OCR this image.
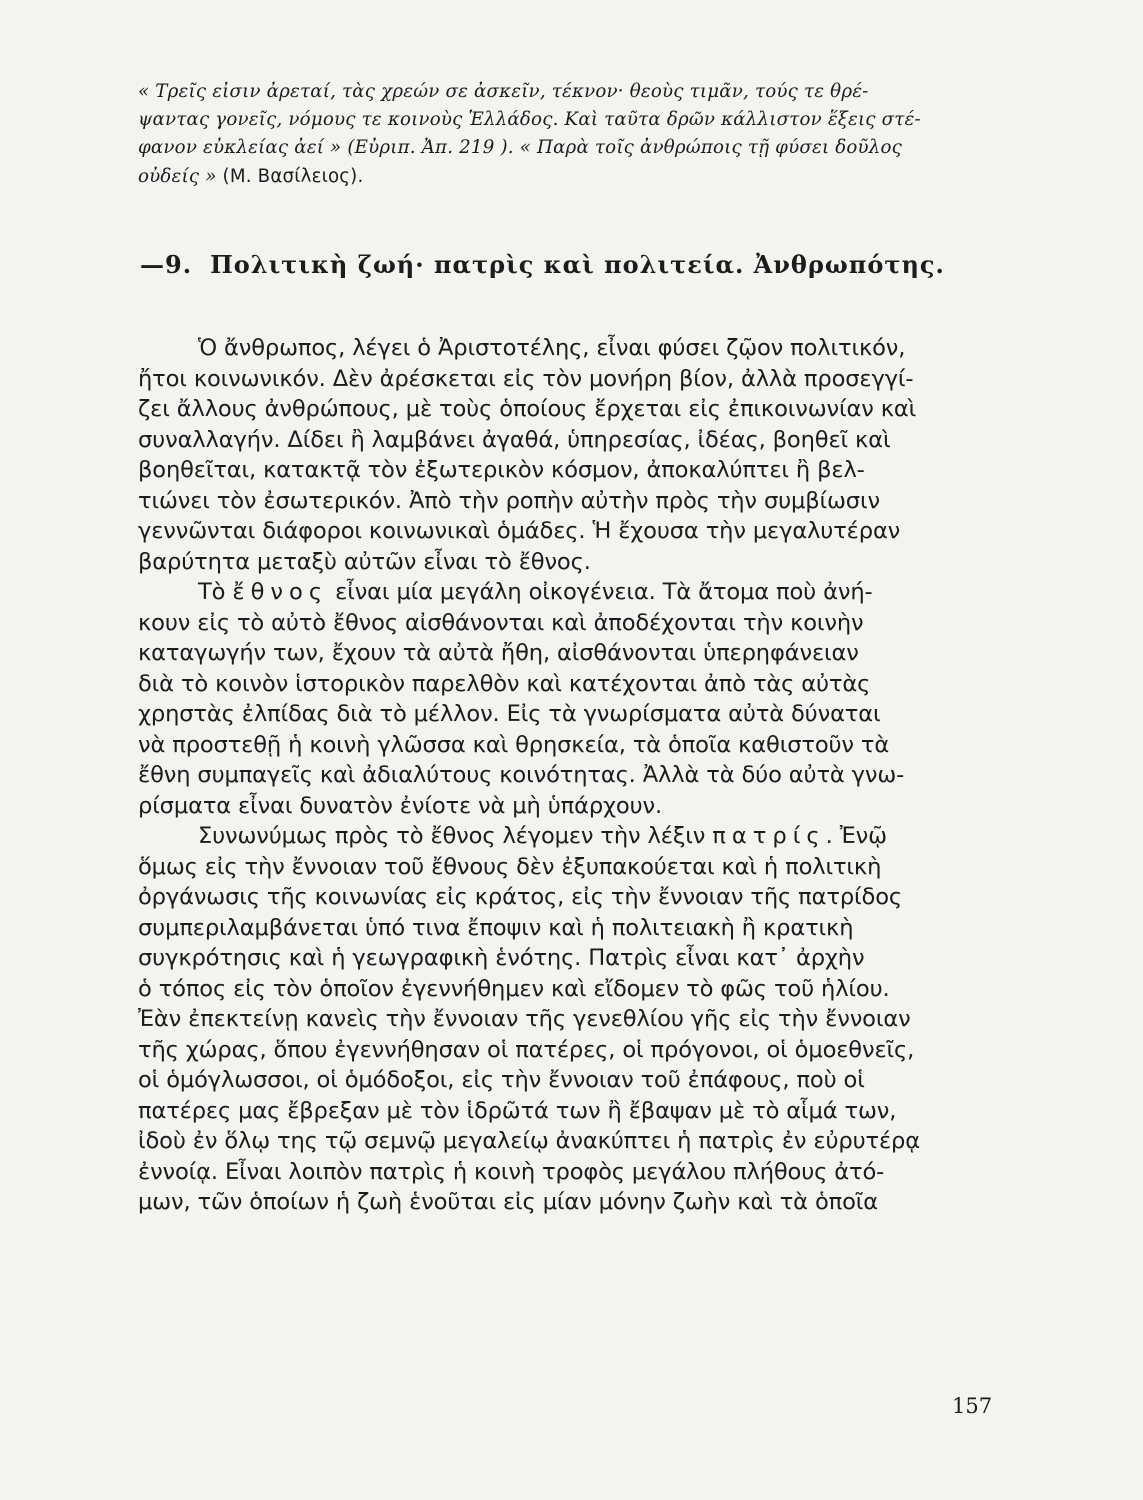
« Τρεῖς εἰσιν ἀρεταί, τὰς χρεών σε ἀσκεῖν, τέκνον· θεοὺς τιμᾶν, τούς τε θρέ-
ψαντας γονεῖς, νόμους τε κοινοὺς Ἑλλάδος. Καὶ ταῦτα δρῶν κάλλιστον ἕξεις στέ-
φανον εὐκλείας ἀεί » (Εὐριπ. Ἀπ. 219 ). « Παρὰ τοῖς ἀνθρώποις τῇ φύσει δοῦλος
οὐδείς » (Μ. Βασίλειος).
—9. Πολιτικὴ ζωή· πατρὶς καὶ πολιτεία. Ἀνθρωπότης.
Ὁ ἄνθρωπος, λέγει ὁ Ἀριστοτέλης, εἶναι φύσει ζῷον πολιτικόν,
ἤτοι κοινωνικόν. Δὲν ἀρέσκεται εἰς τὸν μονήρη βίον, ἀλλὰ προσεγγί-
ζει ἄλλους ἀνθρώπους, μὲ τοὺς ὁποίους ἔρχεται εἰς ἐπικοινωνίαν καὶ
συναλλαγήν. Δίδει ἢ λαμβάνει ἀγαθά, ὑπηρεσίας, ἰδέας, βοηθεῖ καὶ
βοηθεῖται, κατακτᾷ τὸν ἐξωτερικὸν κόσμον, ἀποκαλύπτει ἢ βελ-
τιώνει τὸν ἐσωτερικόν. Ἀπὸ τὴν ροπὴν αὐτὴν πρὸς τὴν συμβίωσιν
γεννῶνται διάφοροι κοινωνικαὶ ὁμάδες. Ἡ ἔχουσα τὴν μεγαλυτέραν
βαρύτητα μεταξὺ αὐτῶν εἶναι τὸ ἔθνος.
Τὸ ἔθνος εἶναι μία μεγάλη οἰκογένεια. Τὰ ἄτομα ποὺ ἀνή-
κουν εἰς τὸ αὐτὸ ἔθνος αἰσθάνονται καὶ ἀποδέχονται τὴν κοινὴν
καταγωγήν των, ἔχουν τὰ αὐτὰ ἤθη, αἰσθάνονται ὑπερηφάνειαν
διὰ τὸ κοινὸν ἱστορικὸν παρελθὸν καὶ κατέχονται ἀπὸ τὰς αὐτὰς
χρηστὰς ἐλπίδας διὰ τὸ μέλλον. Εἰς τὰ γνωρίσματα αὐτὰ δύναται
νὰ προστεθῇ ἡ κοινὴ γλῶσσα καὶ θρησκεία, τὰ ὁποῖα καθιστοῦν τὰ
ἔθνη συμπαγεῖς καὶ ἀδιαλύτους κοινότητας. Ἀλλὰ τὰ δύο αὐτὰ γνω-
ρίσματα εἶναι δυνατὸν ἐνίοτε νὰ μὴ ὑπάρχουν.
Συνωνύμως πρὸς τὸ ἔθνος λέγομεν τὴν λέξιν πατρίς. Ἐνῷ
ὅμως εἰς τὴν ἔννοιαν τοῦ ἔθνους δὲν ἐξυπακούεται καὶ ἡ πολιτικὴ
ὀργάνωσις τῆς κοινωνίας εἰς κράτος, εἰς τὴν ἔννοιαν τῆς πατρίδος
συμπεριλαμβάνεται ὑπό τινα ἔποψιν καὶ ἡ πολιτειακὴ ἢ κρατικὴ
συγκρότησις καὶ ἡ γεωγραφικὴ ἑνότης. Πατρὶς εἶναι κατ᾽ ἀρχὴν
ὁ τόπος εἰς τὸν ὁποῖον ἐγεννήθημεν καὶ εἴδομεν τὸ φῶς τοῦ ἡλίου.
Ἐὰν ἐπεκτείνῃ κανεὶς τὴν ἔννοιαν τῆς γενεθλίου γῆς εἰς τὴν ἔννοιαν
τῆς χώρας, ὅπου ἐγεννήθησαν οἱ πατέρες, οἱ πρόγονοι, οἱ ὁμοεθνεῖς,
οἱ ὁμόγλωσσοι, οἱ ὁμόδοξοι, εἰς τὴν ἔννοιαν τοῦ ἐπάφους, ποὺ οἱ
πατέρες μας ἔβρεξαν μὲ τὸν ἱδρῶτά των ἢ ἔβαψαν μὲ τὸ αἷμά των,
ἰδοὺ ἐν ὅλῳ της τῷ σεμνῷ μεγαλείῳ ἀνακύπτει ἡ πατρὶς ἐν εὐρυτέρᾳ
ἐννοίᾳ. Εἶναι λοιπὸν πατρὶς ἡ κοινὴ τροφὸς μεγάλου πλήθους ἀτό-
μων, τῶν ὁποίων ἡ ζωὴ ἑνοῦται εἰς μίαν μόνην ζωὴν καὶ τὰ ὁποῖα
157
